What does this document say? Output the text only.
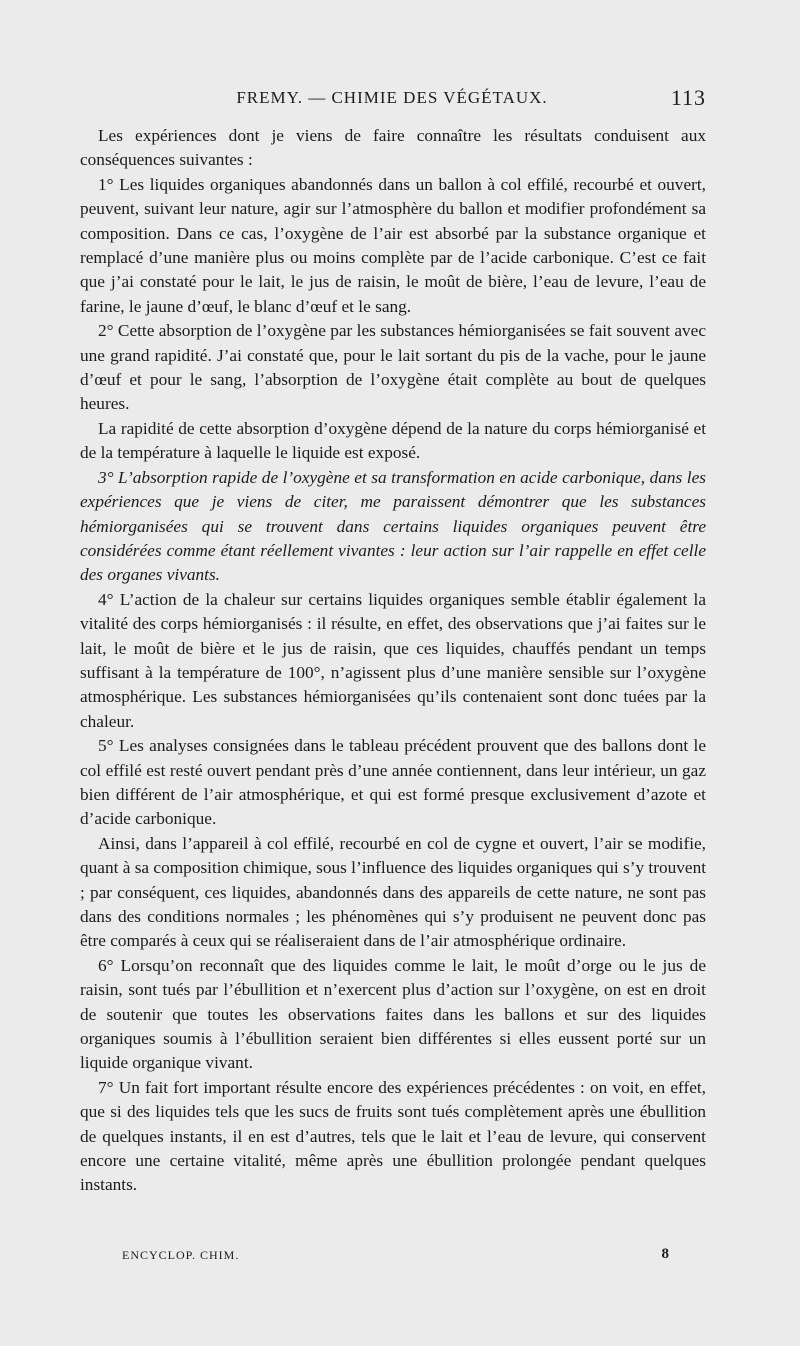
FREMY. — CHIMIE DES VÉGÉTAUX.	113

Les expériences dont je viens de faire connaître les résultats conduisent aux conséquences suivantes :

1° Les liquides organiques abandonnés dans un ballon à col effilé, recourbé et ouvert, peuvent, suivant leur nature, agir sur l’atmosphère du ballon et modifier profondément sa composition. Dans ce cas, l’oxygène de l’air est absorbé par la substance organique et remplacé d’une manière plus ou moins complète par de l’acide carbonique. C’est ce fait que j’ai constaté pour le lait, le jus de raisin, le moût de bière, l’eau de levure, l’eau de farine, le jaune d’œuf, le blanc d’œuf et le sang.

2° Cette absorption de l’oxygène par les substances hémiorganisées se fait souvent avec une grand rapidité. J’ai constaté que, pour le lait sortant du pis de la vache, pour le jaune d’œuf et pour le sang, l’absorption de l’oxygène était complète au bout de quelques heures.

La rapidité de cette absorption d’oxygène dépend de la nature du corps hémiorganisé et de la température à laquelle le liquide est exposé.

3° L’absorption rapide de l’oxygène et sa transformation en acide carbonique, dans les expériences que je viens de citer, me paraissent démontrer que les substances hémiorganisées qui se trouvent dans certains liquides organiques peuvent être considérées comme étant réellement vivantes : leur action sur l’air rappelle en effet celle des organes vivants.

4° L’action de la chaleur sur certains liquides organiques semble établir également la vitalité des corps hémiorganisés : il résulte, en effet, des observations que j’ai faites sur le lait, le moût de bière et le jus de raisin, que ces liquides, chauffés pendant un temps suffisant à la température de 100°, n’agissent plus d’une manière sensible sur l’oxygène atmosphérique. Les substances hémiorganisées qu’ils contenaient sont donc tuées par la chaleur.

5° Les analyses consignées dans le tableau précédent prouvent que des ballons dont le col effilé est resté ouvert pendant près d’une année contiennent, dans leur intérieur, un gaz bien différent de l’air atmosphérique, et qui est formé presque exclusivement d’azote et d’acide carbonique.

Ainsi, dans l’appareil à col effilé, recourbé en col de cygne et ouvert, l’air se modifie, quant à sa composition chimique, sous l’influence des liquides organiques qui s’y trouvent ; par conséquent, ces liquides, abandonnés dans des appareils de cette nature, ne sont pas dans des conditions normales ; les phénomènes qui s’y produisent ne peuvent donc pas être comparés à ceux qui se réaliseraient dans de l’air atmosphérique ordinaire.

6° Lorsqu’on reconnaît que des liquides comme le lait, le moût d’orge ou le jus de raisin, sont tués par l’ébullition et n’exercent plus d’action sur l’oxygène, on est en droit de soutenir que toutes les observations faites dans les ballons et sur des liquides organiques soumis à l’ébullition seraient bien différentes si elles eussent porté sur un liquide organique vivant.

7° Un fait fort important résulte encore des expériences précédentes : on voit, en effet, que si des liquides tels que les sucs de fruits sont tués complètement après une ébullition de quelques instants, il en est d’autres, tels que le lait et l’eau de levure, qui conservent encore une certaine vitalité, même après une ébullition prolongée pendant quelques instants.

ENCYCLOP. CHIM.	8
